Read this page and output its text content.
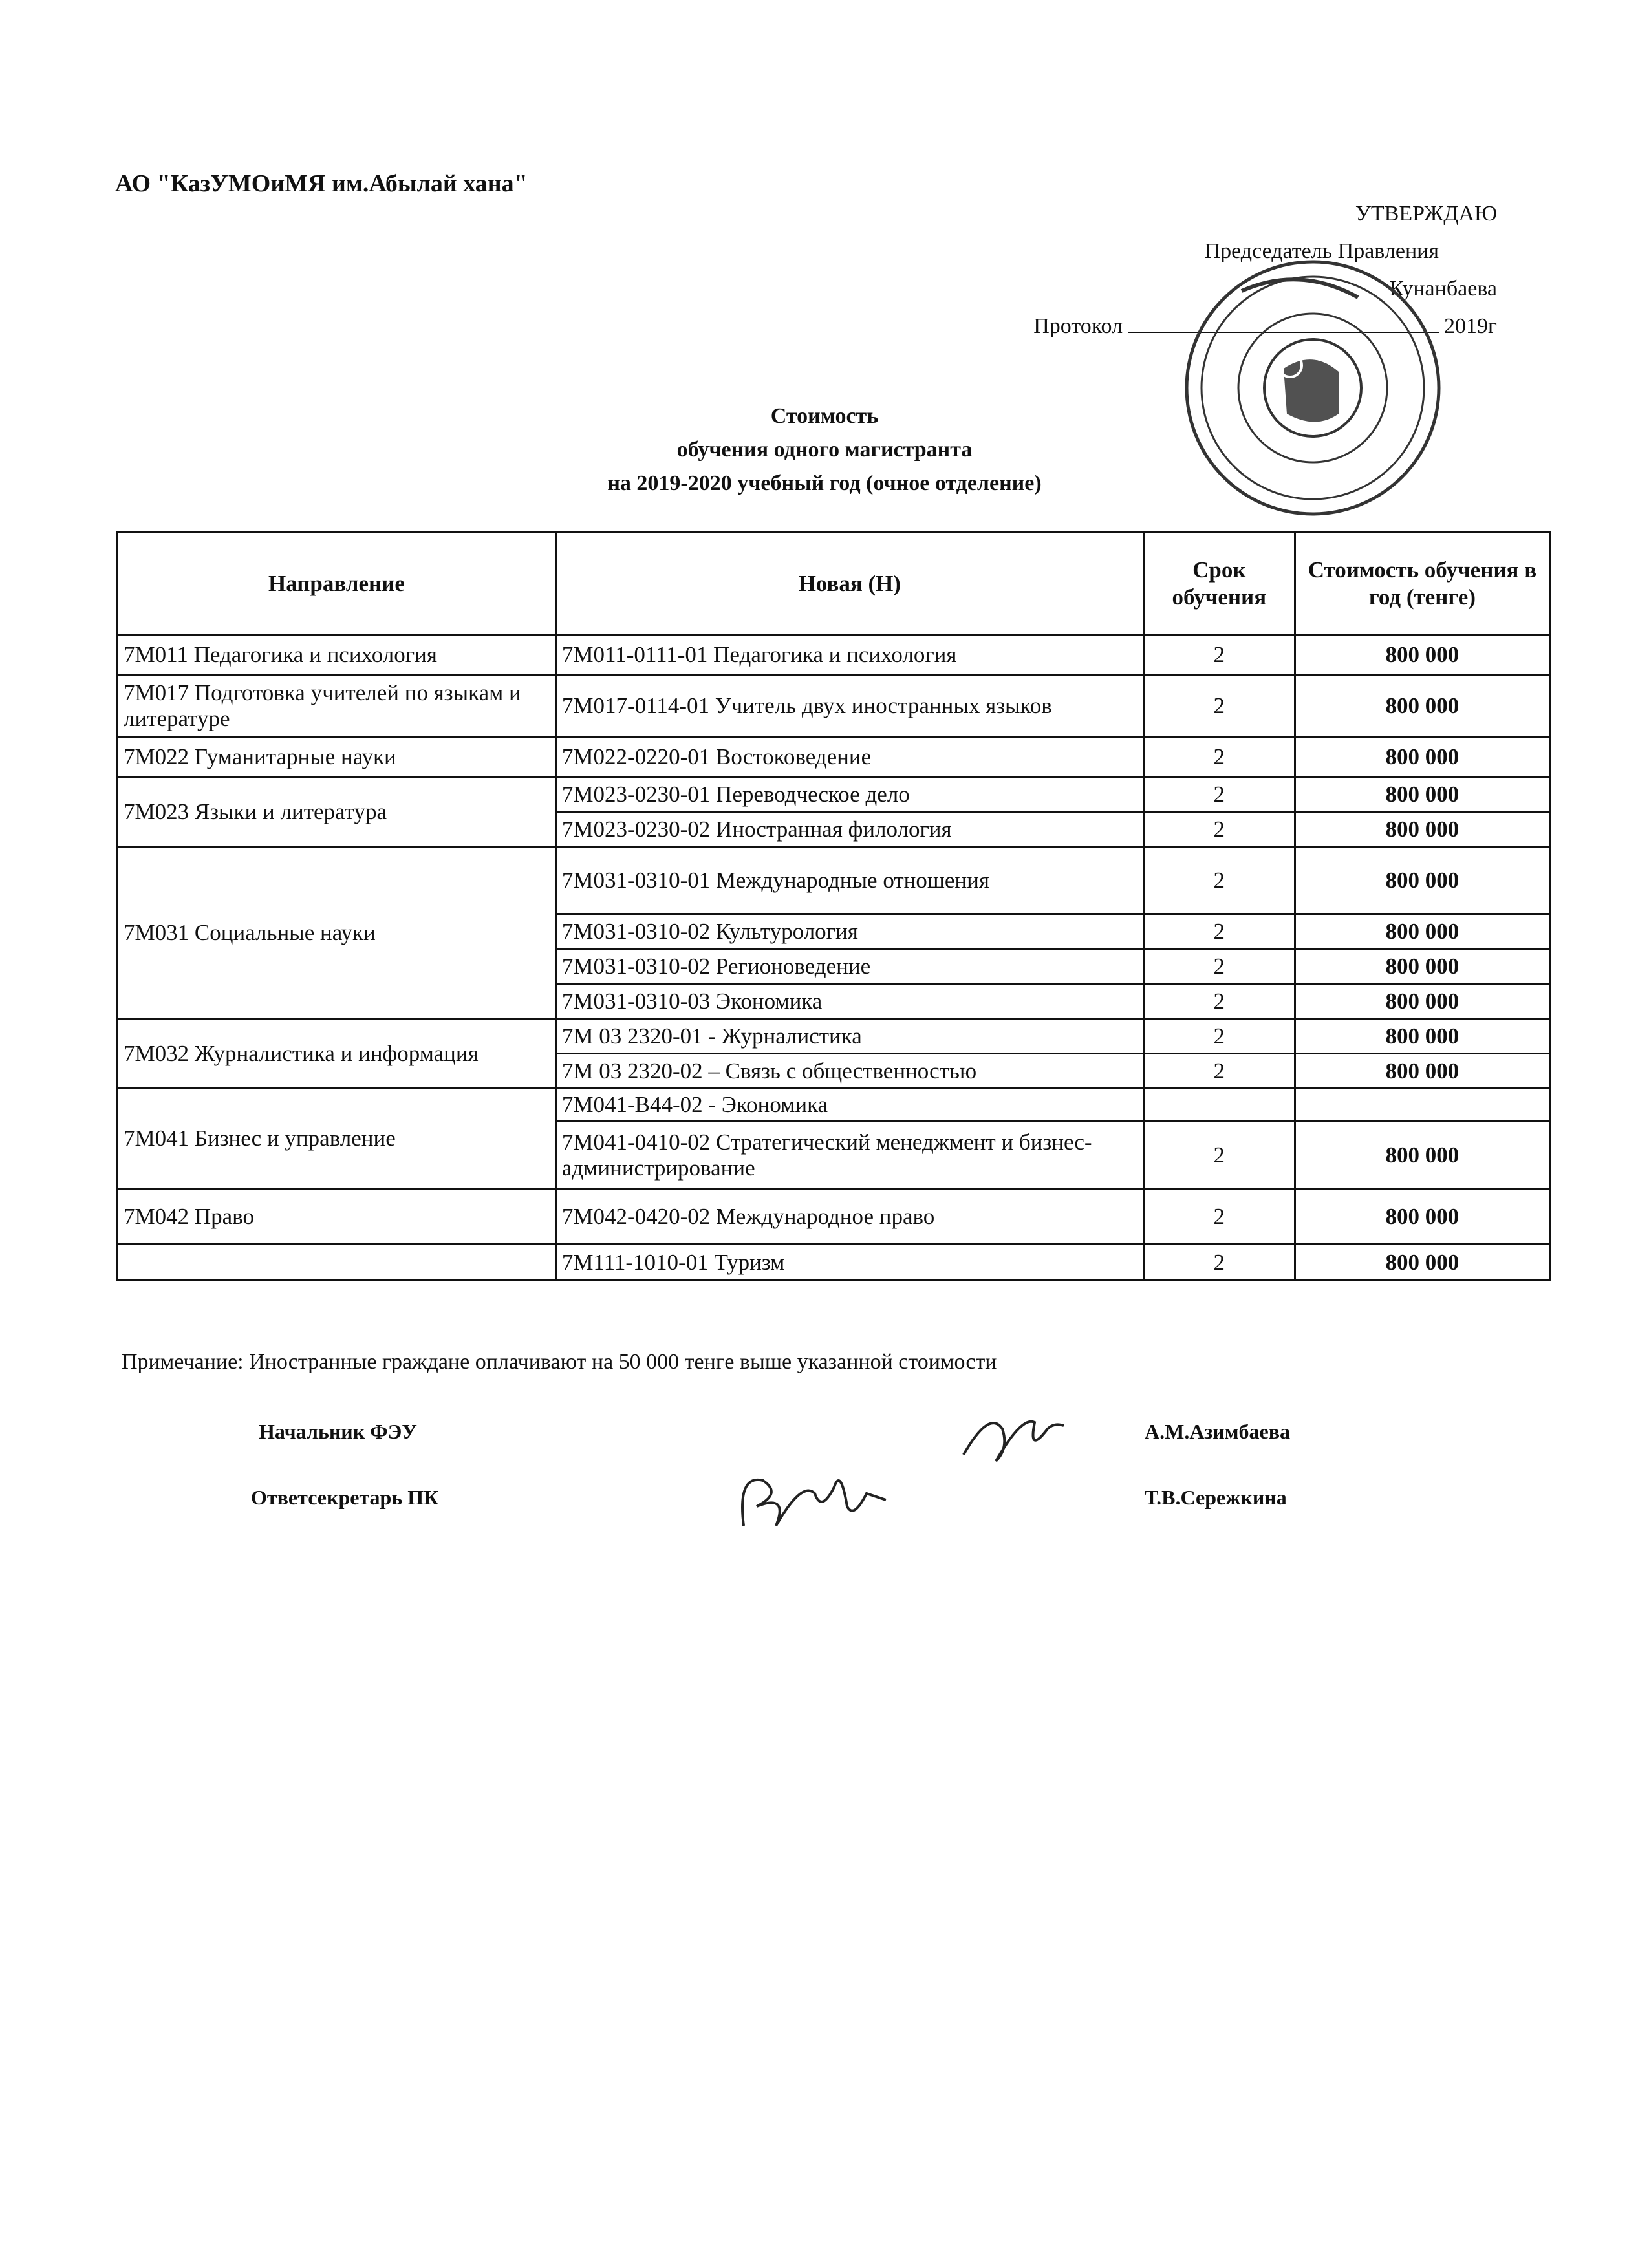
АО "КазУМОиМЯ им.Абылай хана"
УТВЕРЖДАЮ
Председатель Правления
Кунанбаева
Протокол	2019г
Стоимость
обучения одного магистранта
на 2019-2020 учебный год (очное отделение)
Направление	Новая (Н)	Срок обучения	Стоимость обучения в год (тенге)
7М011 Педагогика и психология	7М011-0111-01 Педагогика и психология	2	800 000
7М017 Подготовка учителей по языкам и литературе	7М017-0114-01 Учитель двух иностранных языков	2	800 000
7М022 Гуманитарные науки	7М022-0220-01 Востоковедение	2	800 000
7М023 Языки и литература	7М023-0230-01 Переводческое дело	2	800 000
	7М023-0230-02 Иностранная филология	2	800 000
7М031 Социальные науки	7М031-0310-01 Международные отношения	2	800 000
	7М031-0310-02 Культурология	2	800 000
	7М031-0310-02 Регионоведение	2	800 000
	7М031-0310-03 Экономика	2	800 000
7М032 Журналистика и информация	7М 03 2320-01 - Журналистика	2	800 000
	7М 03 2320-02 – Связь с общественностью	2	800 000
7М041 Бизнес и управление	7М041-В44-02 - Экономика		
	7М041-0410-02 Стратегический менеджмент и бизнес-администрирование	2	800 000
7М042 Право	7М042-0420-02 Международное право	2	800 000
	7М111-1010-01 Туризм	2	800 000
Примечание: Иностранные граждане оплачивают на 50 000 тенге выше указанной стоимости
Начальник ФЭУ	А.М.Азимбаева
Ответсекретарь ПК	Т.В.Сережкина
